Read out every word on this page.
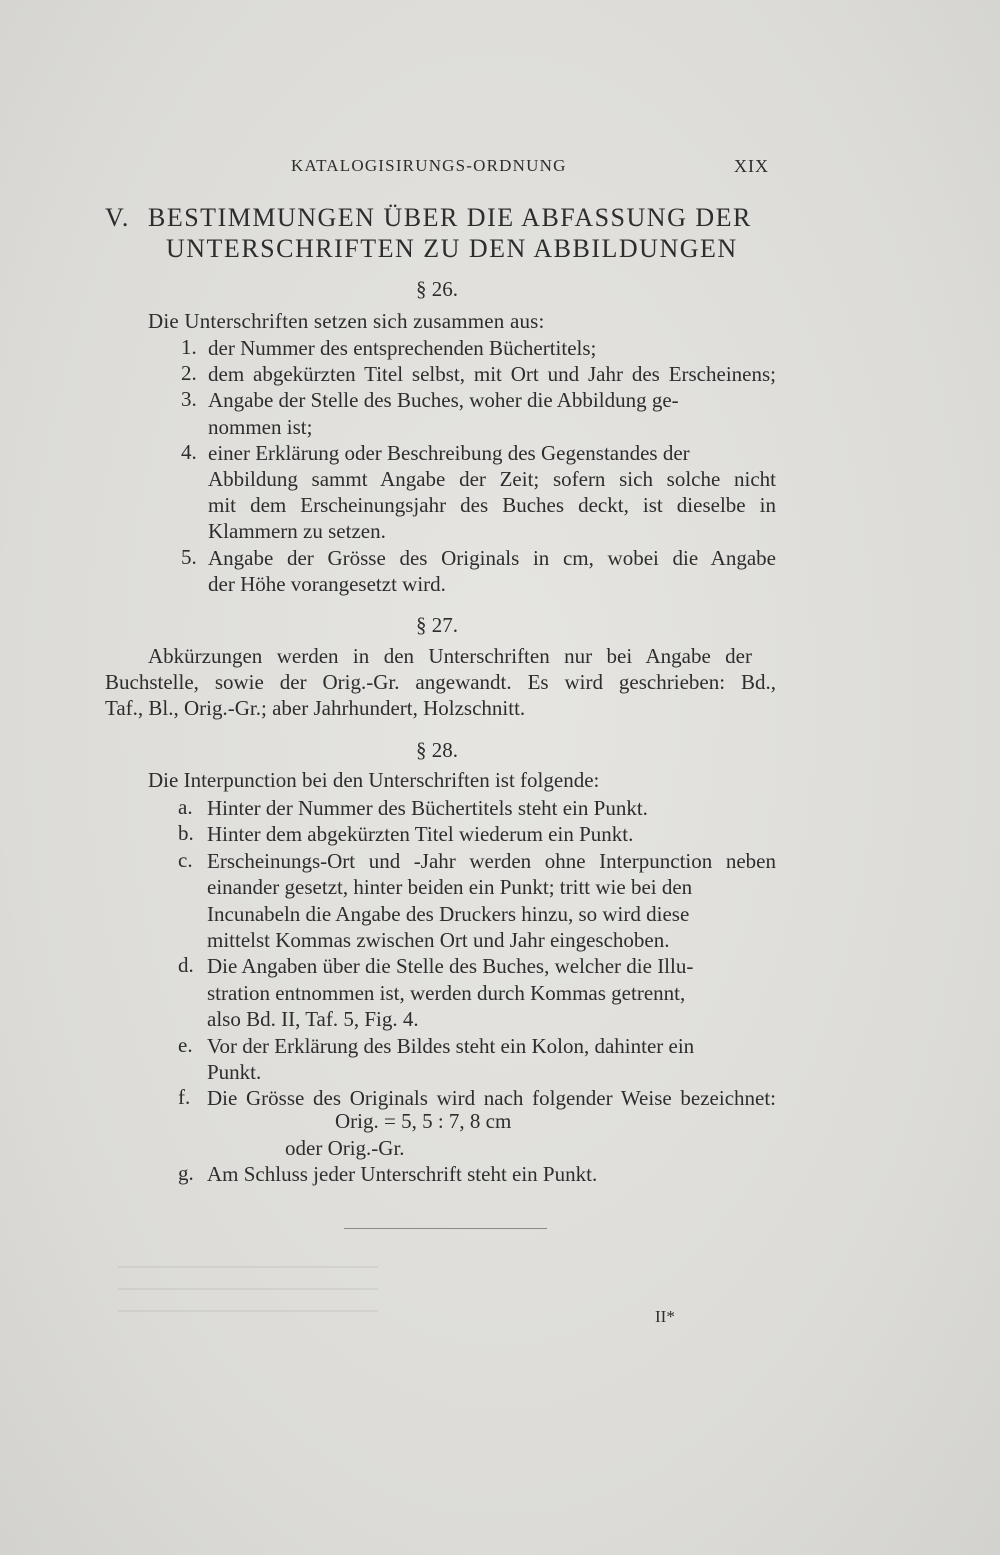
KATALOGISIRUNGS-ORDNUNG	XIX
V. BESTIMMUNGEN ÜBER DIE ABFASSUNG DER
UNTERSCHRIFTEN ZU DEN ABBILDUNGEN
§ 26.
Die Unterschriften setzen sich zusammen aus:
1. der Nummer des entsprechenden Büchertitels;
2. dem abgekürzten Titel selbst, mit Ort und Jahr des Erscheinens;
3. Angabe der Stelle des Buches, woher die Abbildung ge-
nommen ist;
4. einer Erklärung oder Beschreibung des Gegenstandes der
Abbildung sammt Angabe der Zeit; sofern sich solche nicht
mit dem Erscheinungsjahr des Buches deckt, ist dieselbe in
Klammern zu setzen.
5. Angabe der Grösse des Originals in cm, wobei die Angabe
der Höhe vorangesetzt wird.
§ 27.
Abkürzungen werden in den Unterschriften nur bei Angabe der
Buchstelle, sowie der Orig.-Gr. angewandt. Es wird geschrieben: Bd.,
Taf., Bl., Orig.-Gr.; aber Jahrhundert, Holzschnitt.
§ 28.
Die Interpunction bei den Unterschriften ist folgende:
a. Hinter der Nummer des Büchertitels steht ein Punkt.
b. Hinter dem abgekürzten Titel wiederum ein Punkt.
c. Erscheinungs-Ort und -Jahr werden ohne Interpunction neben
einander gesetzt, hinter beiden ein Punkt; tritt wie bei den
Incunabeln die Angabe des Druckers hinzu, so wird diese
mittelst Kommas zwischen Ort und Jahr eingeschoben.
d. Die Angaben über die Stelle des Buches, welcher die Illu-
stration entnommen ist, werden durch Kommas getrennt,
also Bd. II, Taf. 5, Fig. 4.
e. Vor der Erklärung des Bildes steht ein Kolon, dahinter ein
Punkt.
f. Die Grösse des Originals wird nach folgender Weise bezeichnet:
g. Am Schluss jeder Unterschrift steht ein Punkt.
Orig. = 5, 5 : 7, 8 cm
oder Orig.-Gr.
II*
